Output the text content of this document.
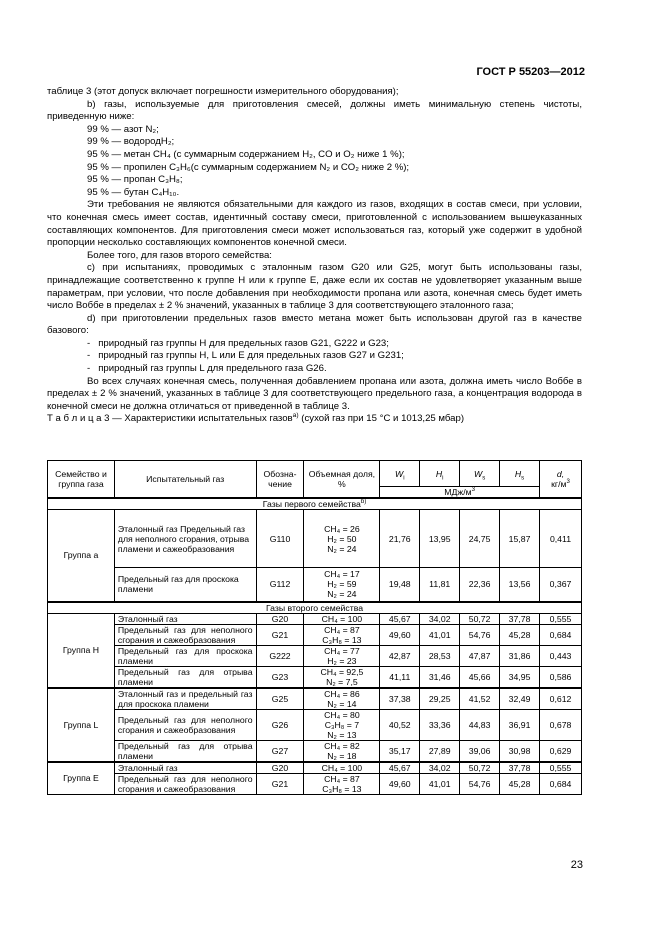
ГОСТ Р 55203—2012

таблице 3 (этот допуск включает погрешности измерительного оборудования);

b) газы, используемые для приготовления смесей, должны иметь минимальную степень чистоты, приведенную ниже:

99 % — азот N₂;

99 % — водородH₂;

95 % — метан CH₄ (с суммарным содержанием H₂, CO и O₂ ниже 1 %);

95 % — пропилен C₃H₆(с суммарным содержанием N₂ и CO₂ ниже 2 %);

95 % — пропан C₃H₈;

95 % — бутан C₄H₁₀.

Эти требования не являются обязательными для каждого из газов, входящих в состав смеси, при условии, что конечная смесь имеет состав, идентичный составу смеси, приготовленной с использованием вышеуказанных составляющих компонентов. Для приготовления смеси может использоваться газ, который уже содержит в удобной пропорции несколько составляющих компонентов конечной смеси.

Более того, для газов второго семейства:

c) при испытаниях, проводимых с эталонным газом G20 или G25, могут быть использованы газы, принадлежащие соответственно к группе H или к группе E, даже если их состав не удовлетворяет указанным выше параметрам, при условии, что после добавления при необходимости пропана или азота, конечная смесь будет иметь число Воббе в пределах ± 2 % значений, указанных в таблице 3 для соответствующего эталонного газа;

d) при приготовлении предельных газов вместо метана может быть использован другой газ в качестве базового:

-   природный газ группы H для предельных газов G21, G222 и G23;

-   природный газ группы H, L или E для предельных газов G27 и G231;

-   природный газ группы L для предельного газа G26.

Во всех случаях конечная смесь, полученная добавлением пропана или азота, должна иметь число Воббе в пределах ± 2 % значений, указанных в таблице 3 для соответствующего предельного газа, а концентрация водорода в конечной смеси не должна отличаться от приведенной в таблице 3.

Т а б л и ц а 3 — Характеристики испытательных газов$^{a)}$ (сухой газ при 15 °С и 1013,25 мбар)

Семейство и группа газа	Испытательный газ	Обозна-чение	Объемная доля, %	$W_i$	$H_i$	$W_s$	$H_s$	d,
$кг/м^3$
				МДж/$м^3$
Газы первого семейства$^{b)}$
Группа а	Эталонный газ Предельный газ для неполного сгорания, отрыва пламени и сажеобразования	G110	CH₄ = 26
H₂ = 50
N₂ = 24	21,76	13,95	24,75	15,87	0,411
	Предельный газ для проскока пламени	G112	CH₄ = 17
H₂ = 59
N₂ = 24	19,48	11,81	22,36	13,56	0,367
Газы второго семейства								
Группа H	Эталонный газ	G20	CH₄ = 100	45,67	34,02	50,72	37,78	0,555
	Предельный газ для неполного сгорания и сажеобразования	G21	CH₄ = 87
C₃H₈ = 13	49,60	41,01	54,76	45,28	0,684
	Предельный газ для проскока пламени	G222	CH₄ = 77
H₂ = 23	42,87	28,53	47,87	31,86	0,443
	Предельный газ для отрыва пламени	G23	CH₄ = 92,5
N₂ = 7,5	41,11	31,46	45,66	34,95	0,586
Группа L	Эталонный газ и предельный газ для проскока пламени	G25	CH₄ = 86
N₂ = 14	37,38	29,25	41,52	32,49	0,612
	Предельный газ для неполного сгорания и сажеобразования	G26	CH₄ = 80
C₃H₈ = 7
N₂ = 13	40,52	33,36	44,83	36,91	0,678
	Предельный газ для отрыва пламени	G27	CH₄ = 82
N₂ = 18	35,17	27,89	39,06	30,98	0,629
Группа E	Эталонный газ	G20	CH₄ = 100	45,67	34,02	50,72	37,78	0,555
	Предельный газ для неполного сгорания и сажеобразования	G21	CH₄ = 87
C₃H₈ = 13	49,60	41,01	54,76	45,28	0,684
23
